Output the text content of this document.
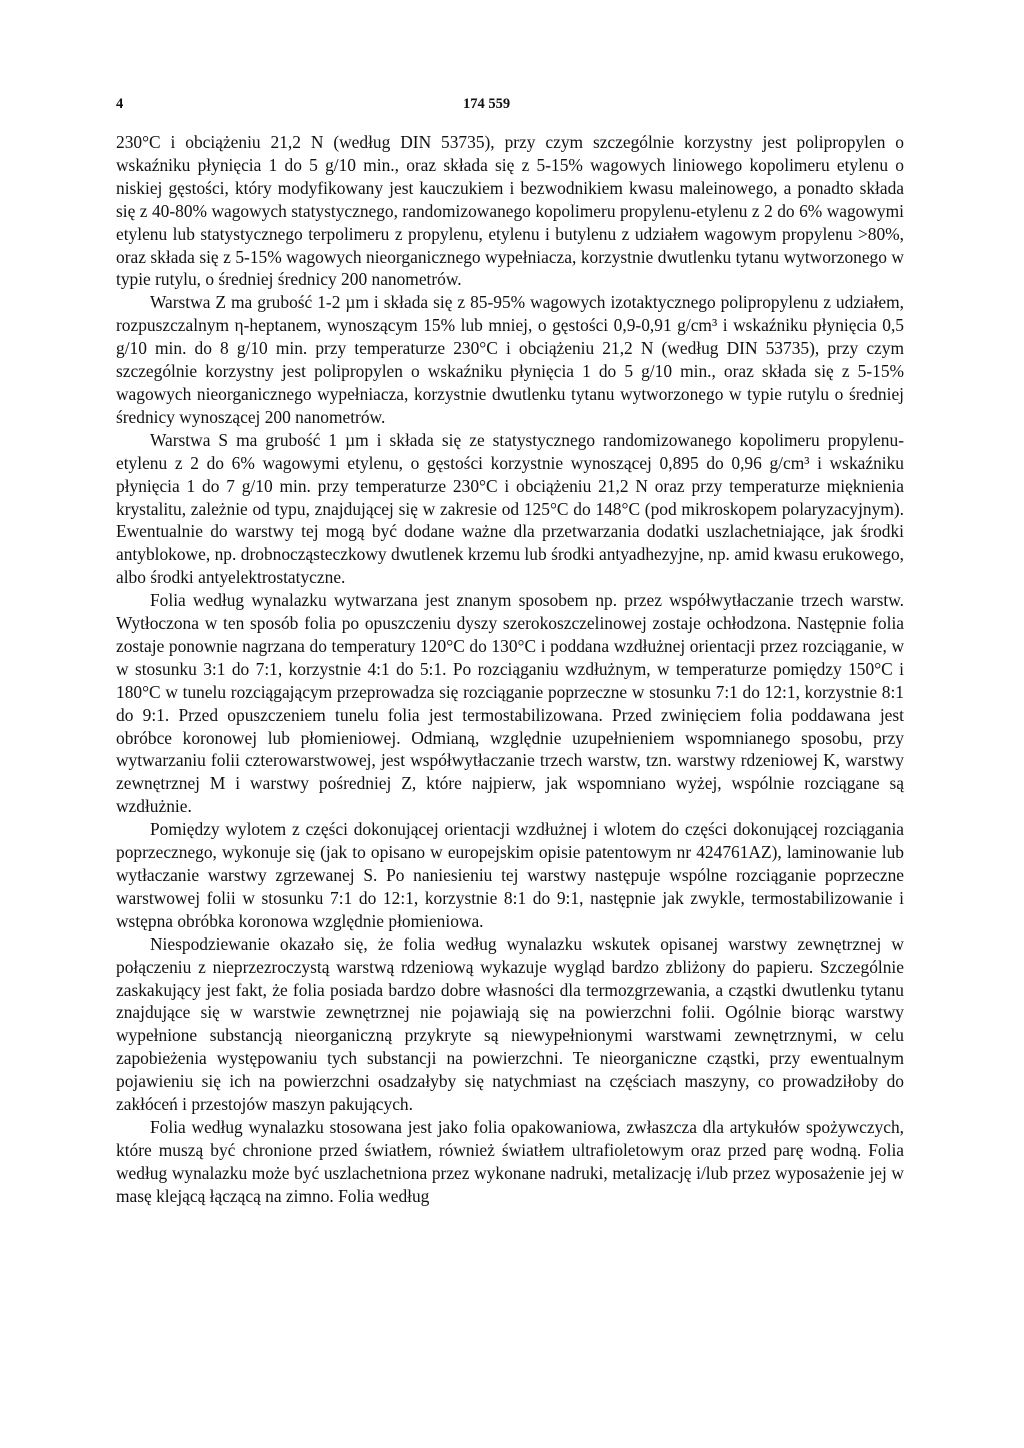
4	174 559

230°C i obciążeniu 21,2 N (według DIN 53735), przy czym szczególnie korzystny jest polipropylen o wskaźniku płynięcia 1 do 5 g/10 min., oraz składa się z 5-15% wagowych liniowego kopolimeru etylenu o niskiej gęstości, który modyfikowany jest kauczukiem i bezwodnikiem kwasu maleinowego, a ponadto składa się z 40-80% wagowych statystycznego, randomizowanego kopolimeru propylenu-etylenu z 2 do 6% wagowymi etylenu lub statystycznego terpolimeru z propylenu, etylenu i butylenu z udziałem wagowym propylenu >80%, oraz składa się z 5-15% wagowych nieorganicznego wypełniacza, korzystnie dwutlenku tytanu wytworzonego w typie rutylu, o średniej średnicy 200 nanometrów.

Warstwa Z ma grubość 1-2 µm i składa się z 85-95% wagowych izotaktycznego polipropylenu z udziałem, rozpuszczalnym η-heptanem, wynoszącym 15% lub mniej, o gęstości 0,9-0,91 g/cm³ i wskaźniku płynięcia 0,5 g/10 min. do 8 g/10 min. przy temperaturze 230°C i obciążeniu 21,2 N (według DIN 53735), przy czym szczególnie korzystny jest polipropylen o wskaźniku płynięcia 1 do 5 g/10 min., oraz składa się z 5-15% wagowych nieorganicznego wypełniacza, korzystnie dwutlenku tytanu wytworzonego w typie rutylu o średniej średnicy wynoszącej 200 nanometrów.

Warstwa S ma grubość 1 µm i składa się ze statystycznego randomizowanego kopolimeru propylenu-etylenu z 2 do 6% wagowymi etylenu, o gęstości korzystnie wynoszącej 0,895 do 0,96 g/cm³ i wskaźniku płynięcia 1 do 7 g/10 min. przy temperaturze 230°C i obciążeniu 21,2 N oraz przy temperaturze mięknienia krystalitu, zależnie od typu, znajdującej się w zakresie od 125°C do 148°C (pod mikroskopem polaryzacyjnym). Ewentualnie do warstwy tej mogą być dodane ważne dla przetwarzania dodatki uszlachetniające, jak środki antyblokowe, np. drobnocząsteczkowy dwutlenek krzemu lub środki antyadhezyjne, np. amid kwasu erukowego, albo środki antyelektrostatyczne.

Folia według wynalazku wytwarzana jest znanym sposobem np. przez współwytłaczanie trzech warstw. Wytłoczona w ten sposób folia po opuszczeniu dyszy szerokoszczelinowej zostaje ochłodzona. Następnie folia zostaje ponownie nagrzana do temperatury 120°C do 130°C i poddana wzdłużnej orientacji przez rozciąganie, w w stosunku 3:1 do 7:1, korzystnie 4:1 do 5:1. Po rozciąganiu wzdłużnym, w temperaturze pomiędzy 150°C i 180°C w tunelu rozciągającym przeprowadza się rozciąganie poprzeczne w stosunku 7:1 do 12:1, korzystnie 8:1 do 9:1. Przed opuszczeniem tunelu folia jest termostabilizowana. Przed zwinięciem folia poddawana jest obróbce koronowej lub płomieniowej. Odmianą, względnie uzupełnieniem wspomnianego sposobu, przy wytwarzaniu folii czterowarstwowej, jest współwytłaczanie trzech warstw, tzn. warstwy rdzeniowej K, warstwy zewnętrznej M i warstwy pośredniej Z, które najpierw, jak wspomniano wyżej, wspólnie rozciągane są wzdłużnie.

Pomiędzy wylotem z części dokonującej orientacji wzdłużnej i wlotem do części dokonującej rozciągania poprzecznego, wykonuje się (jak to opisano w europejskim opisie patentowym nr 424761AZ), laminowanie lub wytłaczanie warstwy zgrzewanej S. Po naniesieniu tej warstwy następuje wspólne rozciąganie poprzeczne warstwowej folii w stosunku 7:1 do 12:1, korzystnie 8:1 do 9:1, następnie jak zwykle, termostabilizowanie i wstępna obróbka koronowa względnie płomieniowa.

Niespodziewanie okazało się, że folia według wynalazku wskutek opisanej warstwy zewnętrznej w połączeniu z nieprzezroczystą warstwą rdzeniową wykazuje wygląd bardzo zbliżony do papieru. Szczególnie zaskakujący jest fakt, że folia posiada bardzo dobre własności dla termozgrzewania, a cząstki dwutlenku tytanu znajdujące się w warstwie zewnętrznej nie pojawiają się na powierzchni folii. Ogólnie biorąc warstwy wypełnione substancją nieorganiczną przykryte są niewypełnionymi warstwami zewnętrznymi, w celu zapobieżenia występowaniu tych substancji na powierzchni. Te nieorganiczne cząstki, przy ewentualnym pojawieniu się ich na powierzchni osadzałyby się natychmiast na częściach maszyny, co prowadziłoby do zakłóceń i przestojów maszyn pakujących.

Folia według wynalazku stosowana jest jako folia opakowaniowa, zwłaszcza dla artykułów spożywczych, które muszą być chronione przed światłem, również światłem ultrafioletowym oraz przed parę wodną. Folia według wynalazku może być uszlachetniona przez wykonane nadruki, metalizację i/lub przez wyposażenie jej w masę klejącą łączącą na zimno. Folia według
